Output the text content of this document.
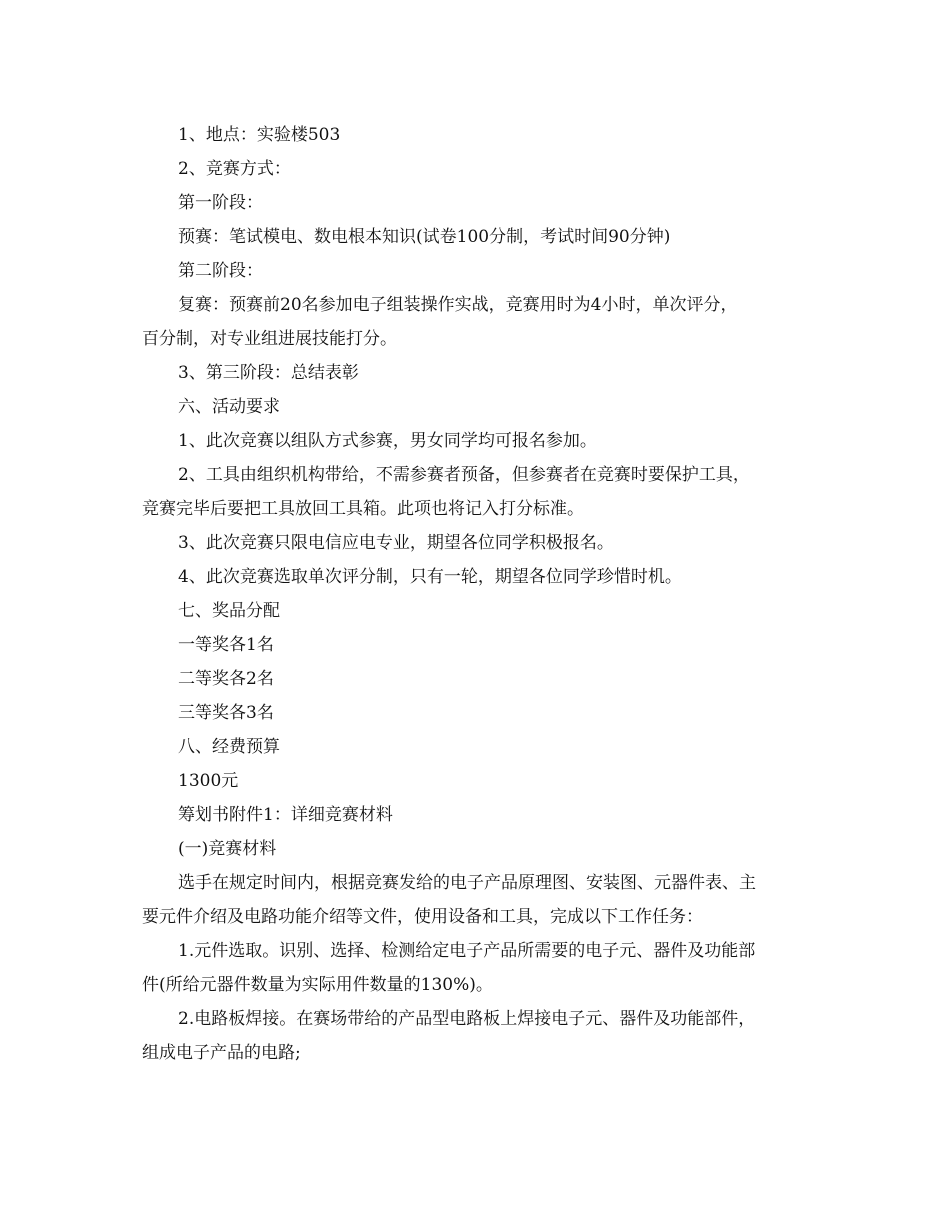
1、地点：实验楼503
2、竞赛方式：
第一阶段：
预赛：笔试模电、数电根本知识(试卷100分制，考试时间90分钟)
第二阶段：
复赛：预赛前20名参加电子组装操作实战，竞赛用时为4小时，单次评分，
百分制，对专业组进展技能打分。
3、第三阶段：总结表彰
六、活动要求
1、此次竞赛以组队方式参赛，男女同学均可报名参加。
2、工具由组织机构带给，不需参赛者预备，但参赛者在竞赛时要保护工具，
竞赛完毕后要把工具放回工具箱。此项也将记入打分标准。
3、此次竞赛只限电信应电专业，期望各位同学积极报名。
4、此次竞赛选取单次评分制，只有一轮，期望各位同学珍惜时机。
七、奖品分配
一等奖各1名
二等奖各2名
三等奖各3名
八、经费预算
1300元
筹划书附件1：详细竞赛材料
(一)竞赛材料
选手在规定时间内，根据竞赛发给的电子产品原理图、安装图、元器件表、主
要元件介绍及电路功能介绍等文件，使用设备和工具，完成以下工作任务：
1.元件选取。识别、选择、检测给定电子产品所需要的电子元、器件及功能部
件(所给元器件数量为实际用件数量的130%)。
2.电路板焊接。在赛场带给的产品型电路板上焊接电子元、器件及功能部件，
组成电子产品的电路;
